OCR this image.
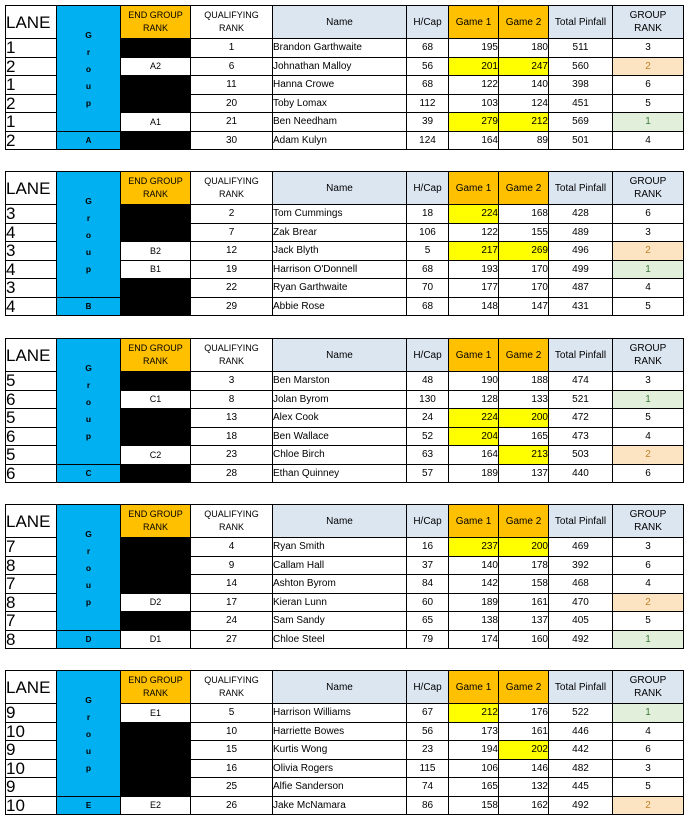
LANE	G
r
o
u
p	END GROUP
RANK	QUALIFYING
RANK	Name	H/Cap	Game 1	Game 2	Total Pinfall	GROUP
RANK
1			1	Brandon Garthwaite	68	195	180	511	3
2		A2	6	Johnathan Malloy	56	201	247	560	2
1			11	Hanna Crowe	68	122	140	398	6
2			20	Toby Lomax	112	103	124	451	5
1		A1	21	Ben Needham	39	279	212	569	1
2	A		30	Adam Kulyn	124	164	89	501	4
LANE	G
r
o
u
p	END GROUP
RANK	QUALIFYING
RANK	Name	H/Cap	Game 1	Game 2	Total Pinfall	GROUP
RANK
3			2	Tom Cummings	18	224	168	428	6
4			7	Zak Brear	106	122	155	489	3
3		B2	12	Jack Blyth	5	217	269	496	2
4		B1	19	Harrison O'Donnell	68	193	170	499	1
3			22	Ryan Garthwaite	70	177	170	487	4
4	B		29	Abbie Rose	68	148	147	431	5
LANE	G
r
o
u
p	END GROUP
RANK	QUALIFYING
RANK	Name	H/Cap	Game 1	Game 2	Total Pinfall	GROUP
RANK
5			3	Ben Marston	48	190	188	474	3
6		C1	8	Jolan Byrom	130	128	133	521	1
5			13	Alex Cook	24	224	200	472	5
6			18	Ben Wallace	52	204	165	473	4
5		C2	23	Chloe Birch	63	164	213	503	2
6	C		28	Ethan Quinney	57	189	137	440	6
LANE	G
r
o
u
p	END GROUP
RANK	QUALIFYING
RANK	Name	H/Cap	Game 1	Game 2	Total Pinfall	GROUP
RANK
7			4	Ryan Smith	16	237	200	469	3
8			9	Callam Hall	37	140	178	392	6
7			14	Ashton Byrom	84	142	158	468	4
8		D2	17	Kieran Lunn	60	189	161	470	2
7			24	Sam Sandy	65	138	137	405	5
8	D	D1	27	Chloe Steel	79	174	160	492	1
LANE	G
r
o
u
p	END GROUP
RANK	QUALIFYING
RANK	Name	H/Cap	Game 1	Game 2	Total Pinfall	GROUP
RANK
9		E1	5	Harrison Williams	67	212	176	522	1
10			10	Harriette Bowes	56	173	161	446	4
9			15	Kurtis Wong	23	194	202	442	6
10			16	Olivia Rogers	115	106	146	482	3
9			25	Alfie Sanderson	74	165	132	445	5
10	E	E2	26	Jake McNamara	86	158	162	492	2
